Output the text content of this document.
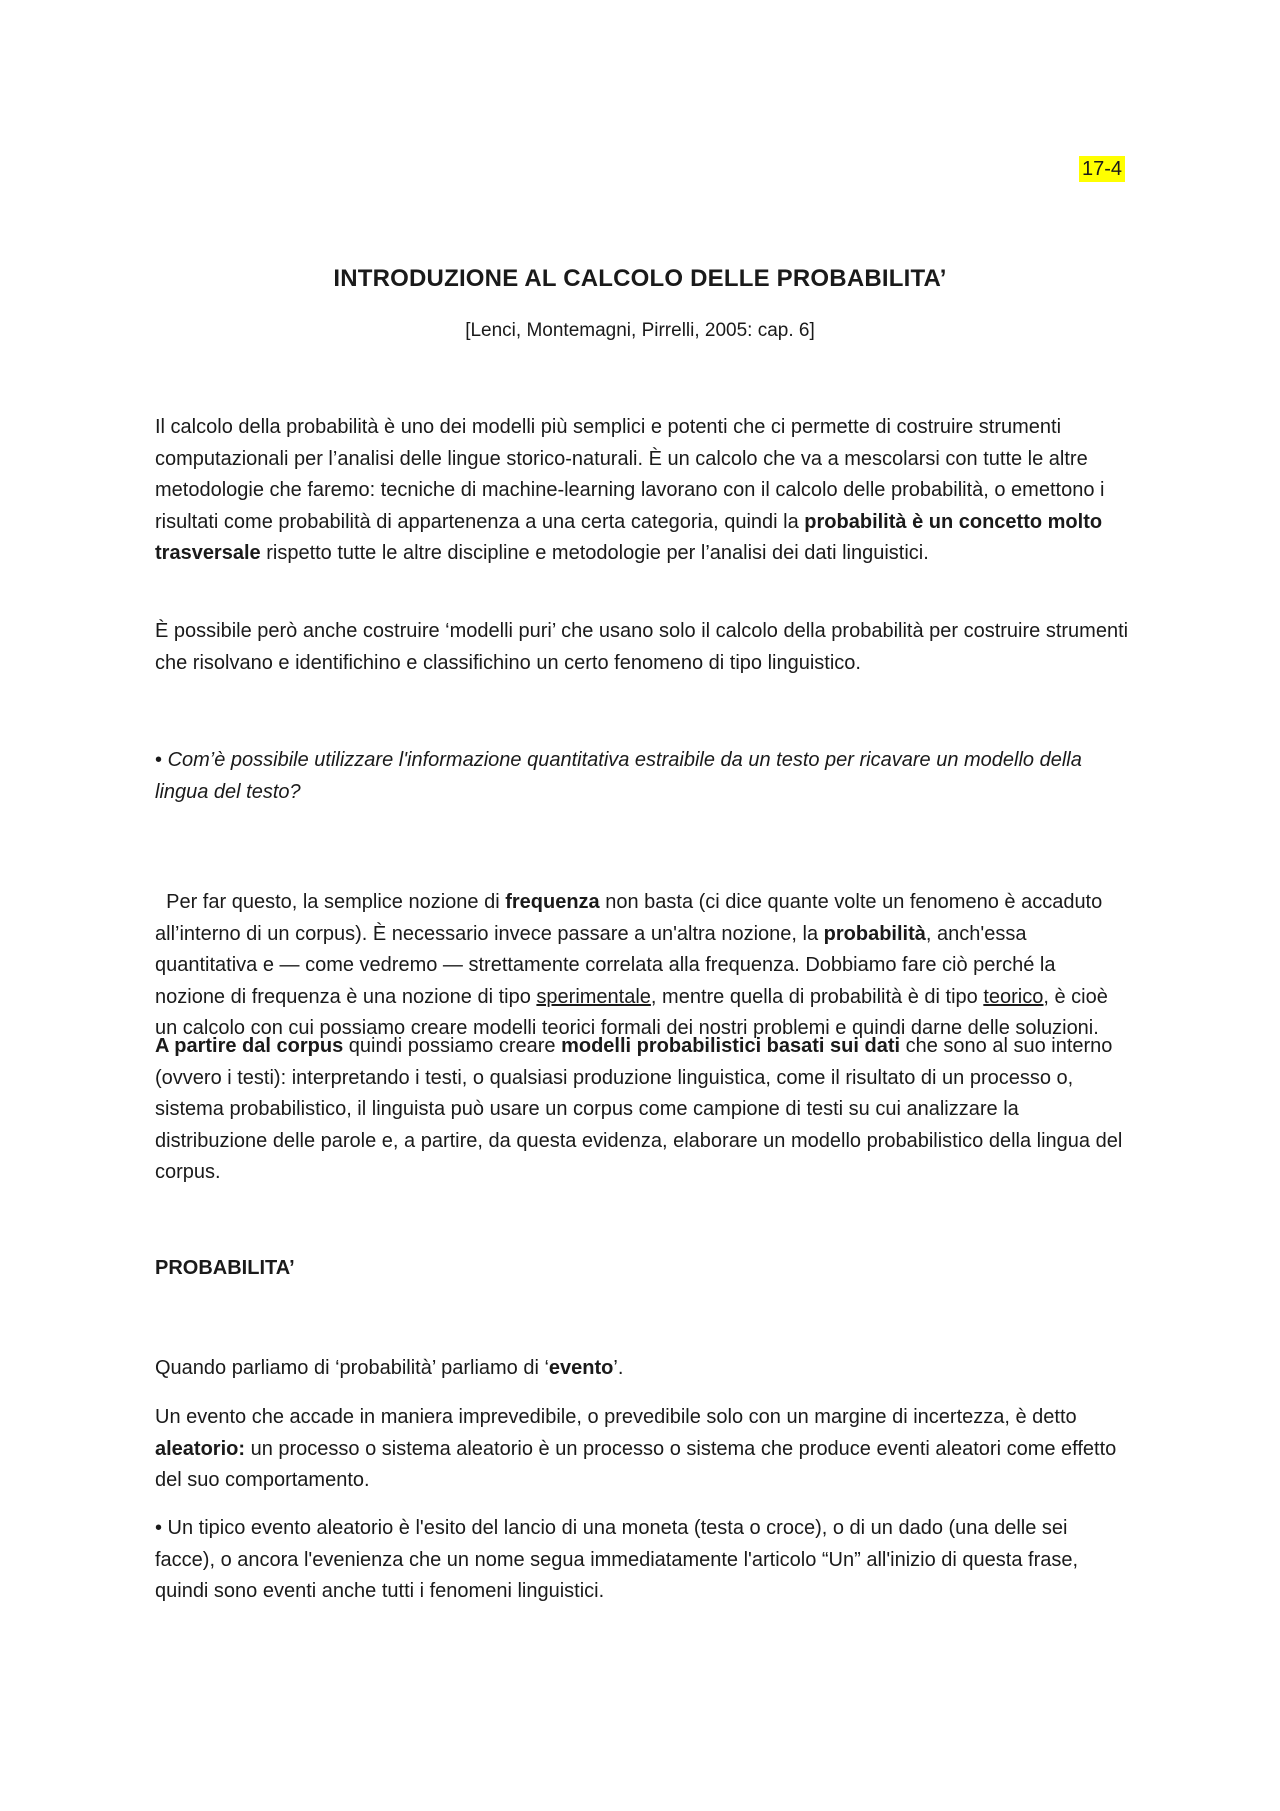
17-4
INTRODUZIONE AL CALCOLO DELLE PROBABILITA’
[Lenci, Montemagni, Pirrelli, 2005: cap. 6]

Il calcolo della probabilità è uno dei modelli più semplici e potenti che ci permette di costruire strumenti computazionali per l’analisi delle lingue storico-naturali. È un calcolo che va a mescolarsi con tutte le altre metodologie che faremo: tecniche di machine-learning lavorano con il calcolo delle probabilità, o emettono i risultati come probabilità di appartenenza a una certa categoria, quindi la probabilità è un concetto molto trasversale rispetto tutte le altre discipline e metodologie per l’analisi dei dati linguistici.

È possibile però anche costruire ‘modelli puri’ che usano solo il calcolo della probabilità per costruire strumenti che risolvano e identifichino e classifichino un certo fenomeno di tipo linguistico.

• Com’è possibile utilizzare l'informazione quantitativa estraibile da un testo per ricavare un modello della lingua del testo?

Per far questo, la semplice nozione di frequenza non basta (ci dice quante volte un fenomeno è accaduto all’interno di un corpus). È necessario invece passare a un'altra nozione, la probabilità, anch'essa quantitativa e — come vedremo — strettamente correlata alla frequenza. Dobbiamo fare ciò perché la nozione di frequenza è una nozione di tipo sperimentale, mentre quella di probabilità è di tipo teorico, è cioè un calcolo con cui possiamo creare modelli teorici formali dei nostri problemi e quindi darne delle soluzioni.

A partire dal corpus quindi possiamo creare modelli probabilistici basati sui dati che sono al suo interno (ovvero i testi): interpretando i testi, o qualsiasi produzione linguistica, come il risultato di un processo o, sistema probabilistico, il linguista può usare un corpus come campione di testi su cui analizzare la distribuzione delle parole e, a partire, da questa evidenza, elaborare un modello probabilistico della lingua del corpus.

PROBABILITA’

Quando parliamo di ‘probabilità’ parliamo di ‘evento’.

Un evento che accade in maniera imprevedibile, o prevedibile solo con un margine di incertezza, è detto aleatorio: un processo o sistema aleatorio è un processo o sistema che produce eventi aleatori come effetto del suo comportamento.

• Un tipico evento aleatorio è l'esito del lancio di una moneta (testa o croce), o di un dado (una delle sei facce), o ancora l'evenienza che un nome segua immediatamente l'articolo “Un” all'inizio di questa frase, quindi sono eventi anche tutti i fenomeni linguistici.
